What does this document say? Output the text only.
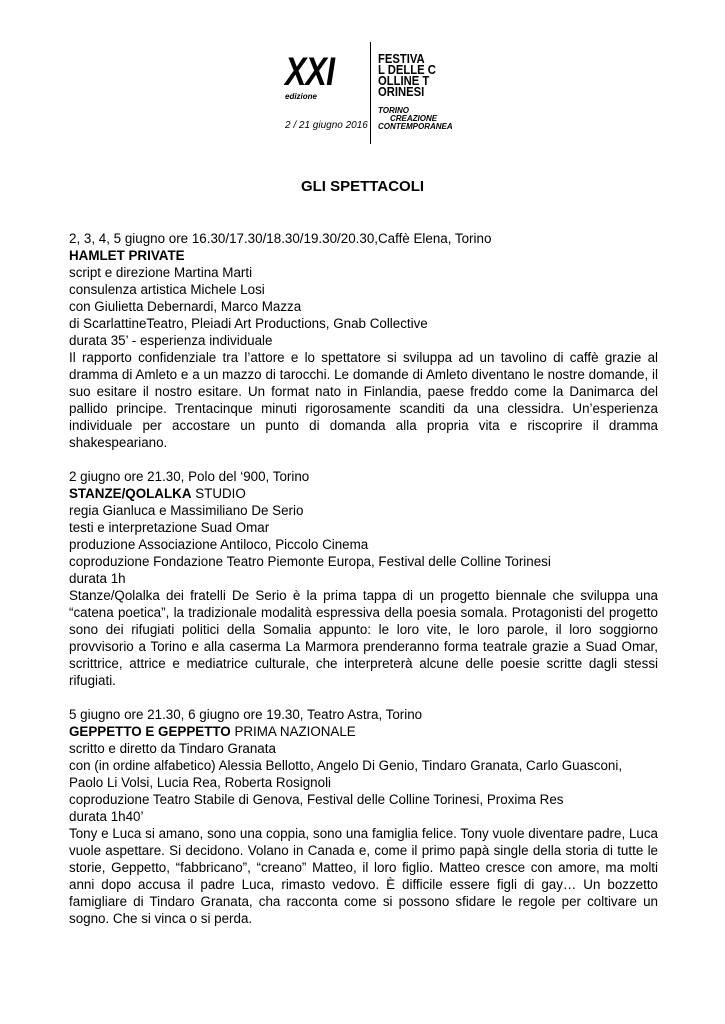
XXI
edizione
2 / 21 giugno 2016
FESTIVA
L DELLE C
OLLINE T
ORINESI
TORINO
CREAZIONE
CONTEMPORANEA
GLI SPETTACOLI
2, 3, 4, 5 giugno ore 16.30/17.30/18.30/19.30/20.30,Caffè Elena, Torino
HAMLET PRIVATE
script e direzione Martina Marti
consulenza artistica Michele Losi
con Giulietta Debernardi, Marco Mazza
di ScarlattineTeatro, Pleiadi Art Productions, Gnab Collective
durata 35’ - esperienza individuale
Il rapporto confidenziale tra l’attore e lo spettatore si sviluppa ad un tavolino di caffè grazie al dramma di Amleto e a un mazzo di tarocchi. Le domande di Amleto diventano le nostre domande, il suo esitare il nostro esitare. Un format nato in Finlandia, paese freddo come la Danimarca del pallido principe. Trentacinque minuti rigorosamente scanditi da una clessidra. Un’esperienza individuale per accostare un punto di domanda alla propria vita e riscoprire il dramma shakespeariano.
2 giugno ore 21.30, Polo del ‘900, Torino
STANZE/QOLALKA STUDIO
regia Gianluca e Massimiliano De Serio
testi e interpretazione Suad Omar
produzione Associazione Antiloco, Piccolo Cinema
coproduzione Fondazione Teatro Piemonte Europa, Festival delle Colline Torinesi
durata 1h
Stanze/Qolalka dei fratelli De Serio è la prima tappa di un progetto biennale che sviluppa una “catena poetica”, la tradizionale modalità espressiva della poesia somala. Protagonisti del progetto sono dei rifugiati politici della Somalia appunto: le loro vite, le loro parole, il loro soggiorno provvisorio a Torino e alla caserma La Marmora prenderanno forma teatrale grazie a Suad Omar, scrittrice, attrice e mediatrice culturale, che interpreterà alcune delle poesie scritte dagli stessi rifugiati.
5 giugno ore 21.30, 6 giugno ore 19.30, Teatro Astra, Torino
GEPPETTO E GEPPETTO PRIMA NAZIONALE
scritto e diretto da Tindaro Granata
con (in ordine alfabetico) Alessia Bellotto, Angelo Di Genio, Tindaro Granata, Carlo Guasconi,
Paolo Li Volsi, Lucia Rea, Roberta Rosignoli
coproduzione Teatro Stabile di Genova, Festival delle Colline Torinesi, Proxima Res
durata 1h40’
Tony e Luca si amano, sono una coppia, sono una famiglia felice. Tony vuole diventare padre, Luca vuole aspettare. Si decidono. Volano in Canada e, come il primo papà single della storia di tutte le storie, Geppetto, “fabbricano”, “creano” Matteo, il loro figlio. Matteo cresce con amore, ma molti anni dopo accusa il padre Luca, rimasto vedovo. È difficile essere figli di gay… Un bozzetto famigliare di Tindaro Granata, cha racconta come si possono sfidare le regole per coltivare un sogno. Che si vinca o si perda.
